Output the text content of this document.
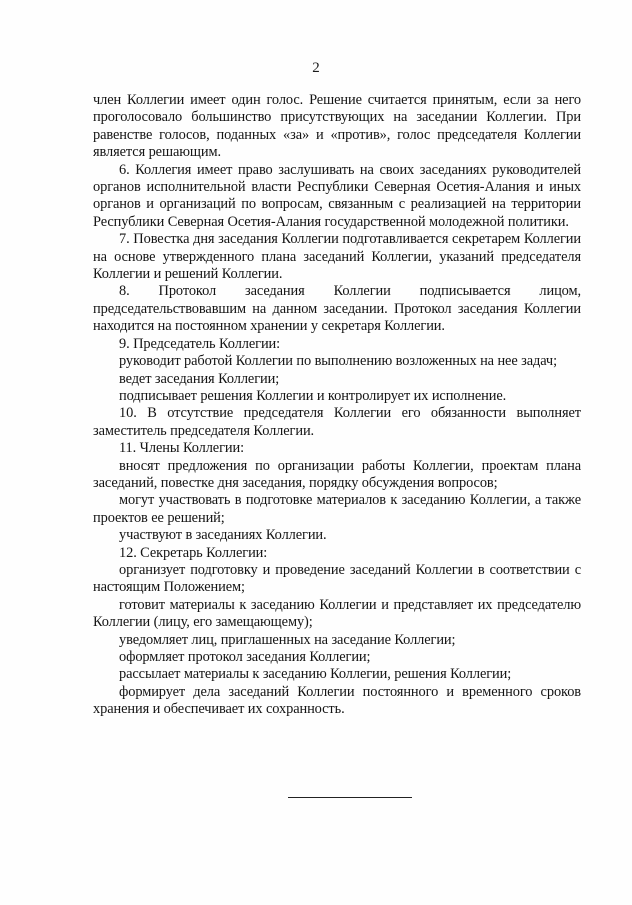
2

член Коллегии имеет один голос. Решение считается принятым, если за него проголосовало большинство присутствующих на заседании Коллегии. При равенстве голосов, поданных «за» и «против», голос председателя Коллегии является решающим.

6. Коллегия имеет право заслушивать на своих заседаниях руководителей органов исполнительной власти Республики Северная Осетия-Алания и иных органов и организаций по вопросам, связанным с реализацией на территории Республики Северная Осетия-Алания государственной молодежной политики.

7. Повестка дня заседания Коллегии подготавливается секретарем Коллегии на основе утвержденного плана заседаний Коллегии, указаний председателя Коллегии и решений Коллегии.

8. Протокол заседания Коллегии подписывается лицом, председательствовавшим на данном заседании. Протокол заседания Коллегии находится на постоянном хранении у секретаря Коллегии.

9. Председатель Коллегии:

руководит работой Коллегии по выполнению возложенных на нее задач;

ведет заседания Коллегии;

подписывает решения Коллегии и контролирует их исполнение.

10. В отсутствие председателя Коллегии его обязанности выполняет заместитель председателя Коллегии.

11. Члены Коллегии:

вносят предложения по организации работы Коллегии, проектам плана заседаний, повестке дня заседания, порядку обсуждения вопросов;

могут участвовать в подготовке материалов к заседанию Коллегии, а также проектов ее решений;

участвуют в заседаниях Коллегии.

12. Секретарь Коллегии:

организует подготовку и проведение заседаний Коллегии в соответствии с настоящим Положением;

готовит материалы к заседанию Коллегии и представляет их председателю Коллегии (лицу, его замещающему);

уведомляет лиц, приглашенных на заседание Коллегии;

оформляет протокол заседания Коллегии;

рассылает материалы к заседанию Коллегии, решения Коллегии;

формирует дела заседаний Коллегии постоянного и временного сроков хранения и обеспечивает их сохранность.
